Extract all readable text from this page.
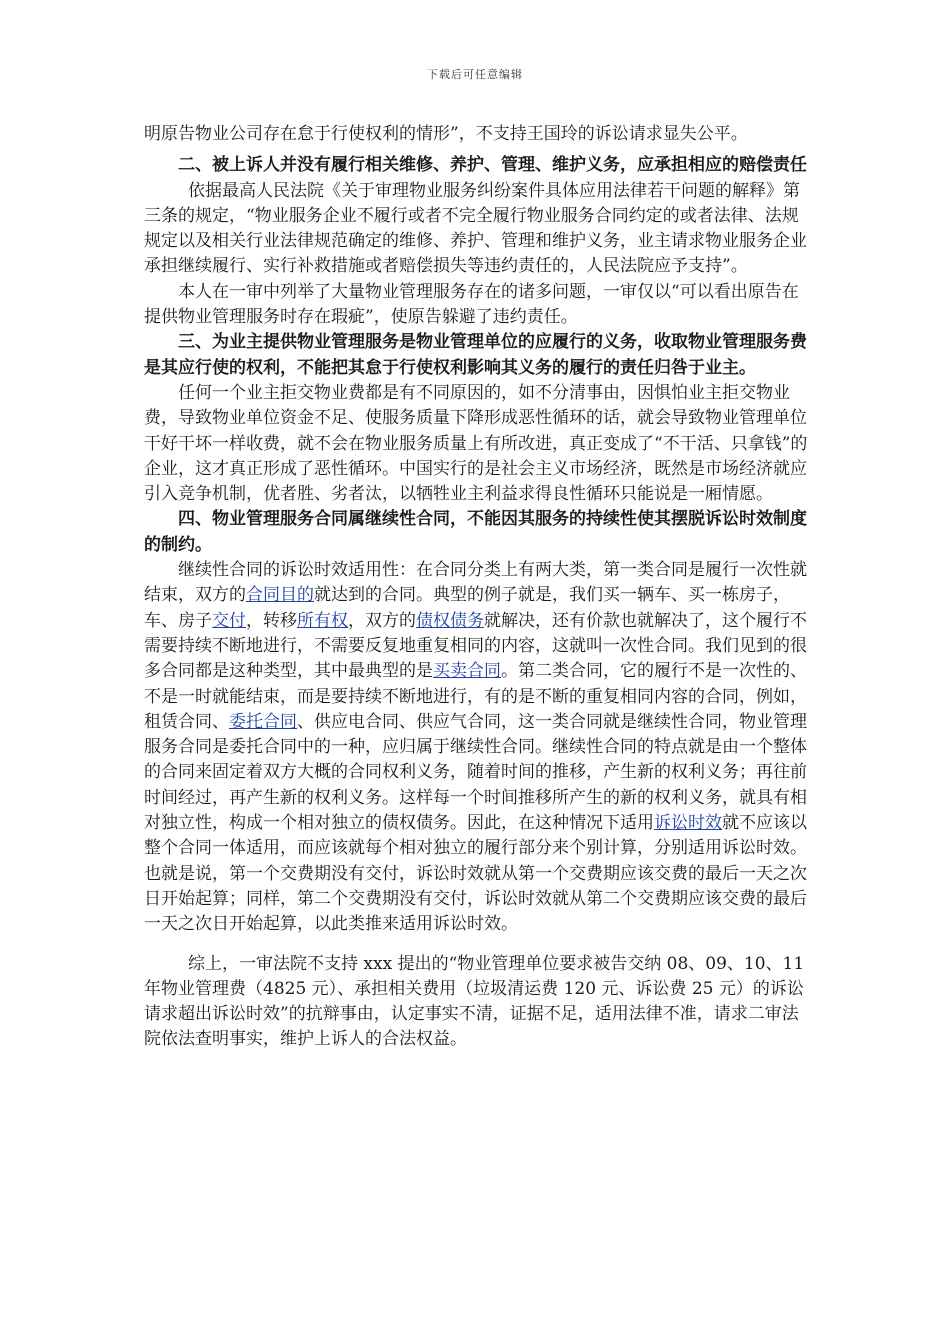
下载后可任意编辑

明原告物业公司存在怠于行使权利的情形”，不支持王国玲的诉讼请求显失公平。

二、被上诉人并没有履行相关维修、养护、管理、维护义务，应承担相应的赔偿责任

依据最高人民法院《关于审理物业服务纠纷案件具体应用法律若干问题的解释》第三条的规定，“物业服务企业不履行或者不完全履行物业服务合同约定的或者法律、法规规定以及相关行业法律规范确定的维修、养护、管理和维护义务，业主请求物业服务企业承担继续履行、实行补救措施或者赔偿损失等违约责任的，人民法院应予支持”。

本人在一审中列举了大量物业管理服务存在的诸多问题，一审仅以“可以看出原告在提供物业管理服务时存在瑕疵”，使原告躲避了违约责任。

三、为业主提供物业管理服务是物业管理单位的应履行的义务，收取物业管理服务费是其应行使的权利，不能把其怠于行使权利影响其义务的履行的责任归咎于业主。

任何一个业主拒交物业费都是有不同原因的，如不分清事由，因惧怕业主拒交物业费，导致物业单位资金不足、使服务质量下降形成恶性循环的话，就会导致物业管理单位干好干坏一样收费，就不会在物业服务质量上有所改进，真正变成了“不干活、只拿钱”的企业，这才真正形成了恶性循环。中国实行的是社会主义市场经济，既然是市场经济就应引入竞争机制，优者胜、劣者汰，以牺牲业主利益求得良性循环只能说是一厢情愿。

四、物业管理服务合同属继续性合同，不能因其服务的持续性使其摆脱诉讼时效制度的制约。

继续性合同的诉讼时效适用性：在合同分类上有两大类，第一类合同是履行一次性就结束，双方的合同目的就达到的合同。典型的例子就是，我们买一辆车、买一栋房子，车、房子交付，转移所有权，双方的债权债务就解决，还有价款也就解决了，这个履行不需要持续不断地进行，不需要反复地重复相同的内容，这就叫一次性合同。我们见到的很多合同都是这种类型，其中最典型的是买卖合同。第二类合同，它的履行不是一次性的、不是一时就能结束，而是要持续不断地进行，有的是不断的重复相同内容的合同，例如，租赁合同、委托合同、供应电合同、供应气合同，这一类合同就是继续性合同，物业管理服务合同是委托合同中的一种，应归属于继续性合同。继续性合同的特点就是由一个整体的合同来固定着双方大概的合同权利义务，随着时间的推移，产生新的权利义务；再往前时间经过，再产生新的权利义务。这样每一个时间推移所产生的新的权利义务，就具有相对独立性，构成一个相对独立的债权债务。因此，在这种情况下适用诉讼时效就不应该以整个合同一体适用，而应该就每个相对独立的履行部分来个别计算，分别适用诉讼时效。也就是说，第一个交费期没有交付，诉讼时效就从第一个交费期应该交费的最后一天之次日开始起算；同样，第二个交费期没有交付，诉讼时效就从第二个交费期应该交费的最后一天之次日开始起算，以此类推来适用诉讼时效。

综上，一审法院不支持 xxx 提出的“物业管理单位要求被告交纳 08、09、10、11 年物业管理费（4825 元）、承担相关费用（垃圾清运费 120 元、诉讼费 25 元）的诉讼请求超出诉讼时效”的抗辩事由，认定事实不清，证据不足，适用法律不准，请求二审法院依法查明事实，维护上诉人的合法权益。
